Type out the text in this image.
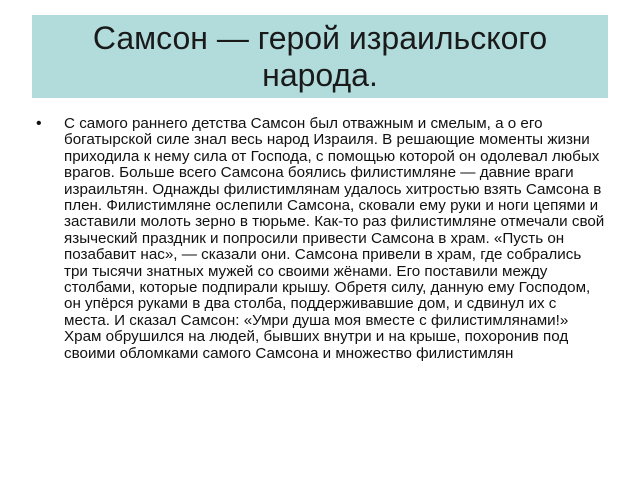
Самсон — герой израильского народа.
•	С самого раннего детства Самсон был отважным и смелым, а о его богатырской силе знал весь народ Израиля. В решающие моменты жизни приходила к нему сила от Господа, с помощью которой он одолевал любых врагов. Больше всего Самсона боялись филистимляне — давние враги израильтян. Однажды филистимлянам удалось хитростью взять Самсона в плен. Филистимляне ослепили Самсона, сковали ему руки и ноги цепями и заставили молоть зерно в тюрьме. Как-то раз филистимляне отмечали свой языческий праздник и попросили привести Самсона в храм. «Пусть он позабавит нас», — сказали они. Самсона привели в храм, где собрались три тысячи знатных мужей со своими жёнами. Его поставили между столбами, которые подпирали крышу. Обретя силу, данную ему Господом, он упёрся руками в два столба, поддерживавшие дом, и сдвинул их с места. И сказал Самсон: «Умри душа моя вместе с филистимлянами!» Храм обрушился на людей, бывших внутри и на крыше, похоронив под своими обломками самого Самсона и множество филистимлян
